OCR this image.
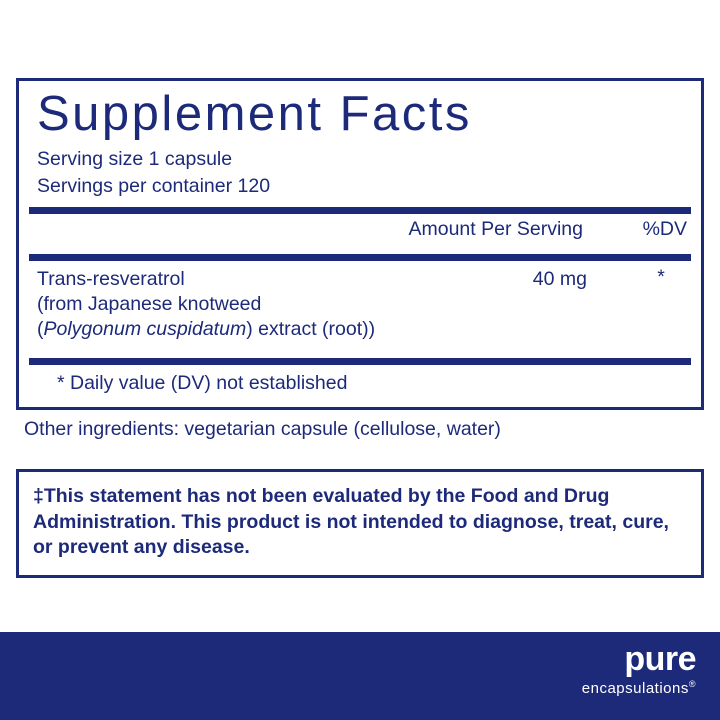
Supplement Facts
Serving size 1 capsule
Servings per container 120
Amount Per Serving	%DV
Trans-resveratrol
(from Japanese knotweed
(Polygonum cuspidatum) extract (root))
40 mg	*
* Daily value (DV) not established
Other ingredients: vegetarian capsule (cellulose, water)
‡This statement has not been evaluated by the Food and Drug Administration. This product is not intended to diagnose, treat, cure, or prevent any disease.
pure
encapsulations®
